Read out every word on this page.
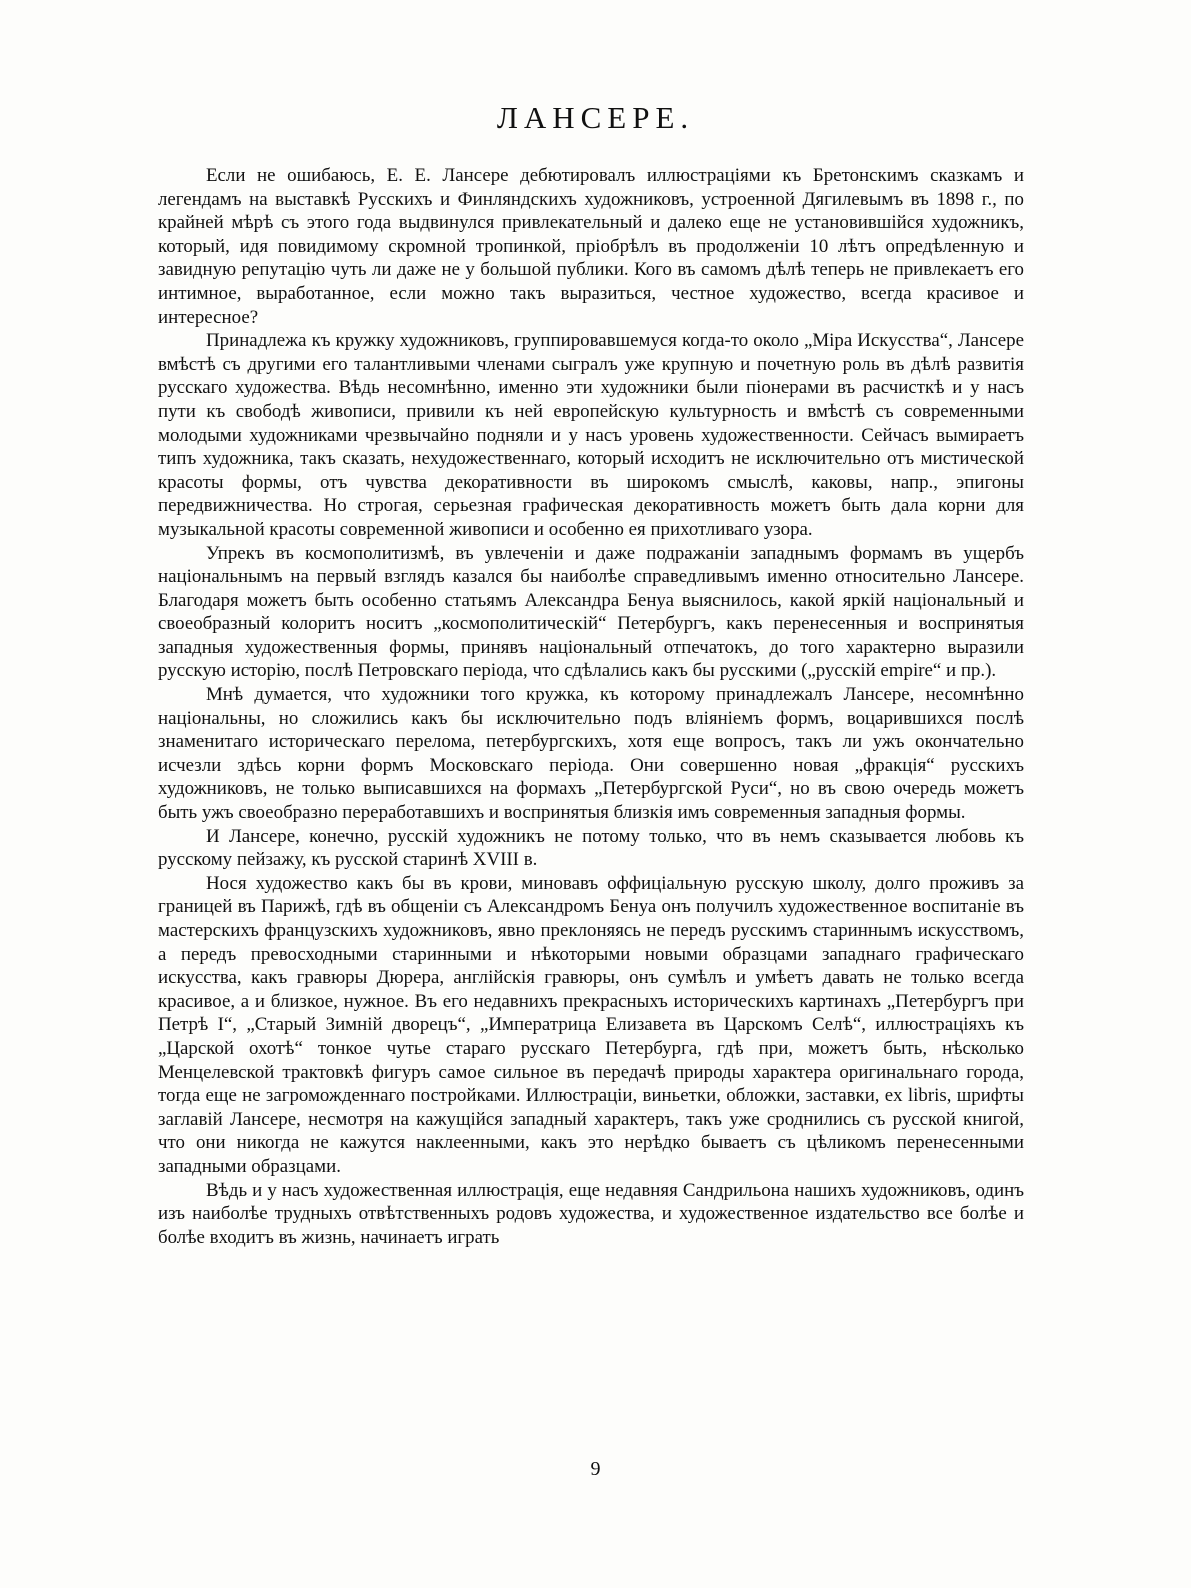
ЛАНСЕРЕ.

Если не ошибаюсь, Е. Е. Лансере дебютировалъ иллюстраціями къ Бретонскимъ сказкамъ и легендамъ на выставкѣ Русскихъ и Финляндскихъ художниковъ, устроенной Дягилевымъ въ 1898 г., по крайней мѣрѣ съ этого года выдвинулся привлекательный и далеко еще не установившійся художникъ, который, идя повидимому скромной тропинкой, пріобрѣлъ въ продолженіи 10 лѣтъ опредѣленную и завидную репутацію чуть ли даже не у большой публики. Кого въ самомъ дѣлѣ теперь не привлекаетъ его интимное, выработанное, если можно такъ выразиться, честное художество, всегда красивое и интересное?

Принадлежа къ кружку художниковъ, группировавшемуся когда-то около „Міра Искусства“, Лансере вмѣстѣ съ другими его талантливыми членами сыгралъ уже крупную и почетную роль въ дѣлѣ развитія русскаго художества. Вѣдь несомнѣнно, именно эти художники были піонерами въ расчисткѣ и у насъ пути къ свободѣ живописи, привили къ ней европейскую культурность и вмѣстѣ съ современными молодыми художниками чрезвычайно подняли и у насъ уровень художественности. Сейчасъ вымираетъ типъ художника, такъ сказать, нехудожественнаго, который исходитъ не исключительно отъ мистической красоты формы, отъ чувства декоративности въ широкомъ смыслѣ, каковы, напр., эпигоны передвижничества. Но строгая, серьезная графическая декоративность можетъ быть дала корни для музыкальной красоты современной живописи и особенно ея прихотливаго узора.

Упрекъ въ космополитизмѣ, въ увлеченіи и даже подражаніи западнымъ формамъ въ ущербъ національнымъ на первый взглядъ казался бы наиболѣе справедливымъ именно относительно Лансере. Благодаря можетъ быть особенно статьямъ Александра Бенуа выяснилось, какой яркій національный и своеобразный колоритъ носитъ „космополитическій“ Петербургъ, какъ перенесенныя и воспринятыя западныя художественныя формы, принявъ національный отпечатокъ, до того характерно выразили русскую исторію, послѣ Петровскаго періода, что сдѣлались какъ бы русскими („русскій empire“ и пр.).

Мнѣ думается, что художники того кружка, къ которому принадлежалъ Лансере, несомнѣнно національны, но сложились какъ бы исключительно подъ вліяніемъ формъ, воцарившихся послѣ знаменитаго историческаго перелома, петербургскихъ, хотя еще вопросъ, такъ ли ужъ окончательно исчезли здѣсь корни формъ Московскаго періода. Они совершенно новая „фракція“ русскихъ художниковъ, не только выписавшихся на формахъ „Петербургской Руси“, но въ свою очередь можетъ быть ужъ своеобразно переработавшихъ и воспринятыя близкія имъ современныя западныя формы.

И Лансере, конечно, русскій художникъ не потому только, что въ немъ сказывается любовь къ русскому пейзажу, къ русской старинѣ XVIII в.

Нося художество какъ бы въ крови, миновавъ оффиціальную русскую школу, долго проживъ за границей въ Парижѣ, гдѣ въ общеніи съ Александромъ Бенуа онъ получилъ художественное воспитаніе въ мастерскихъ французскихъ художниковъ, явно преклоняясь не передъ русскимъ стариннымъ искусствомъ, а передъ превосходными старинными и нѣкоторыми новыми образцами западнаго графическаго искусства, какъ гравюры Дюрера, англійскія гравюры, онъ сумѣлъ и умѣетъ давать не только всегда красивое, а и близкое, нужное. Въ его недавнихъ прекрасныхъ историческихъ картинахъ „Петербургъ при Петрѣ I“, „Старый Зимній дворецъ“, „Императрица Елизавета въ Царскомъ Селѣ“, иллюстраціяхъ къ „Царской охотѣ“ тонкое чутье стараго русскаго Петербурга, гдѣ при, можетъ быть, нѣсколько Менцелевской трактовкѣ фигуръ самое сильное въ передачѣ природы характера оригинальнаго города, тогда еще не загроможденнаго постройками. Иллюстраціи, виньетки, обложки, заставки, ex libris, шрифты заглавій Лансере, несмотря на кажущійся западный характеръ, такъ уже сроднились съ русской книгой, что они никогда не кажутся наклеенными, какъ это нерѣдко бываетъ съ цѣликомъ перенесенными западными образцами.

Вѣдь и у насъ художественная иллюстрація, еще недавняя Сандрильона нашихъ художниковъ, одинъ изъ наиболѣе трудныхъ отвѣтственныхъ родовъ художества, и художественное издательство все болѣе и болѣе входитъ въ жизнь, начинаетъ играть

9
